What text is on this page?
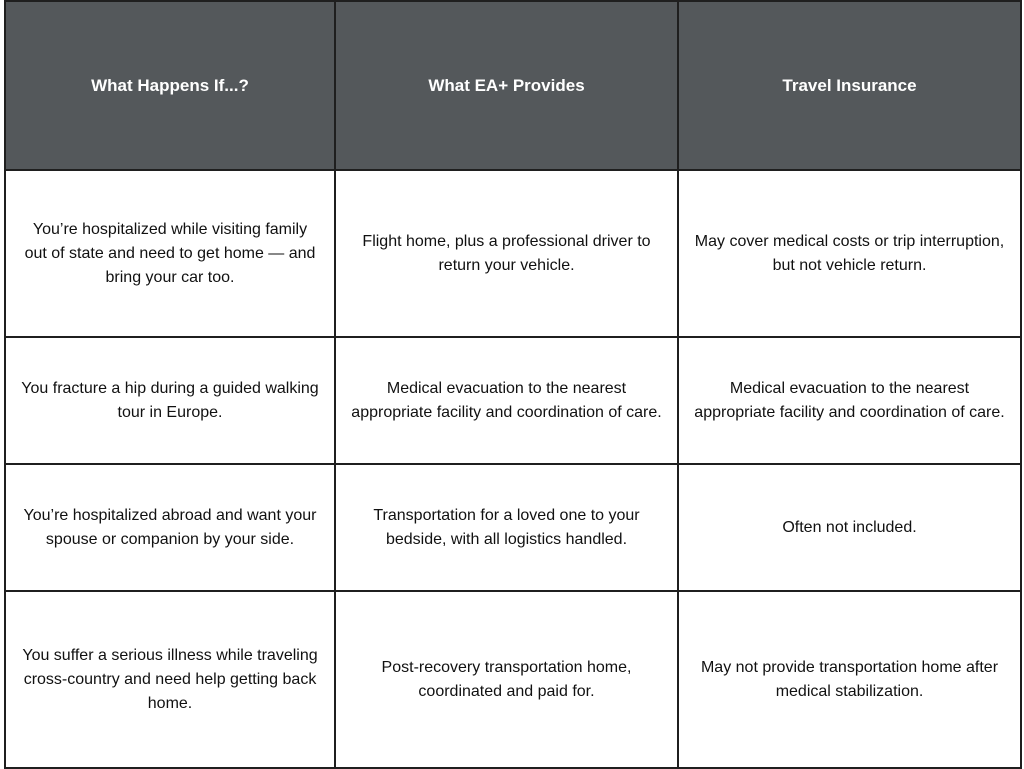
What Happens If...?	What EA+ Provides	Travel Insurance
You’re hospitalized while visiting family out of state and need to get home — and bring your car too.	Flight home, plus a professional driver to return your vehicle.	May cover medical costs or trip interruption, but not vehicle return.
You fracture a hip during a guided walking tour in Europe.	Medical evacuation to the nearest appropriate facility and coordination of care.	Medical evacuation to the nearest appropriate facility and coordination of care.
You’re hospitalized abroad and want your spouse or companion by your side.	Transportation for a loved one to your bedside, with all logistics handled.	Often not included.
You suffer a serious illness while traveling cross-country and need help getting back home.	Post-recovery transportation home, coordinated and paid for.	May not provide transportation home after medical stabilization.
